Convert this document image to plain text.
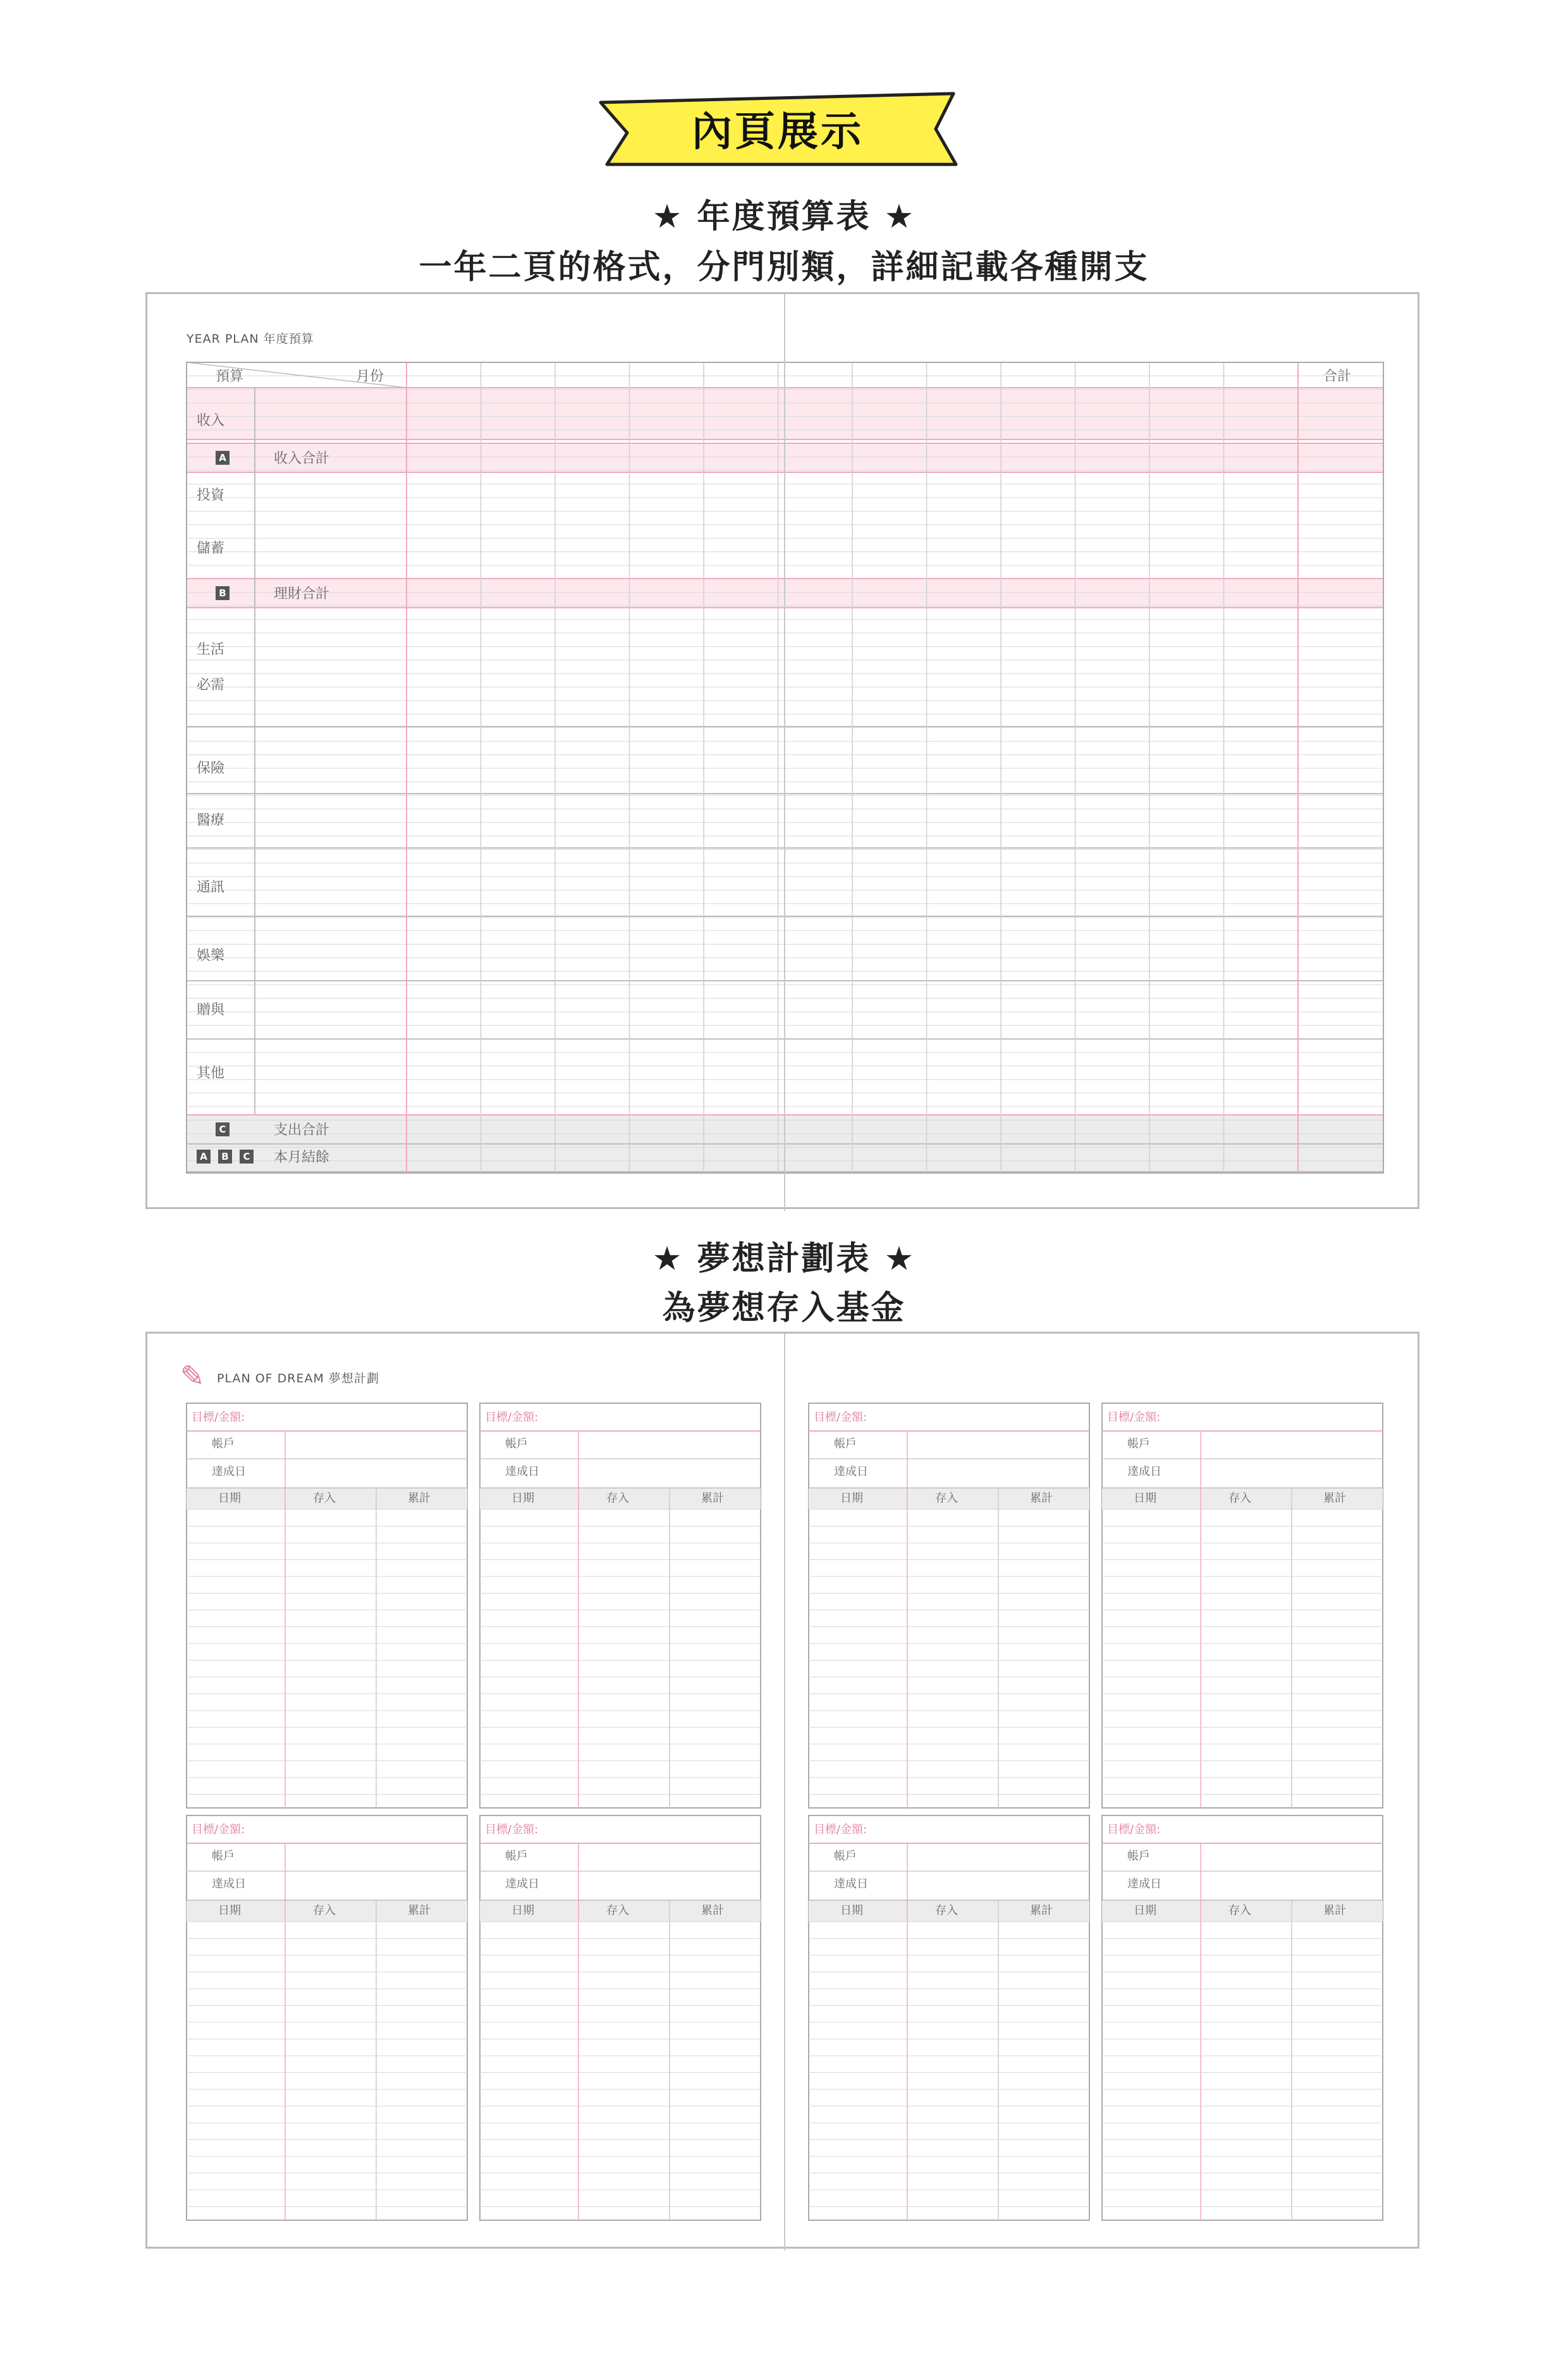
內頁展示
★ 年度預算表 ★
一年二頁的格式，分門別類，詳細記載各種開支
YEAR PLAN 年度預算
預算	月份	合計
收入
A	收入合計
投資
儲蓄
B	理財合計
生活
必需
保險
醫療
通訊
娛樂
贈與
其他
C	支出合計
A	B	C 本月結餘
★ 夢想計劃表 ★
為夢想存入基金
✎ PLAN OF DREAM 夢想計劃
目標/金額:
帳戶
達成日
日期	存入	累計
目標/金額:
帳戶
達成日
日期	存入	累計
目標/金額:
帳戶
達成日
日期	存入	累計
目標/金額:
帳戶
達成日
日期	存入	累計
目標/金額:
帳戶
達成日
日期	存入	累計
目標/金額:
帳戶
達成日
日期	存入	累計
目標/金額:
帳戶
達成日
日期	存入	累計
目標/金額:
帳戶
達成日
日期	存入	累計
